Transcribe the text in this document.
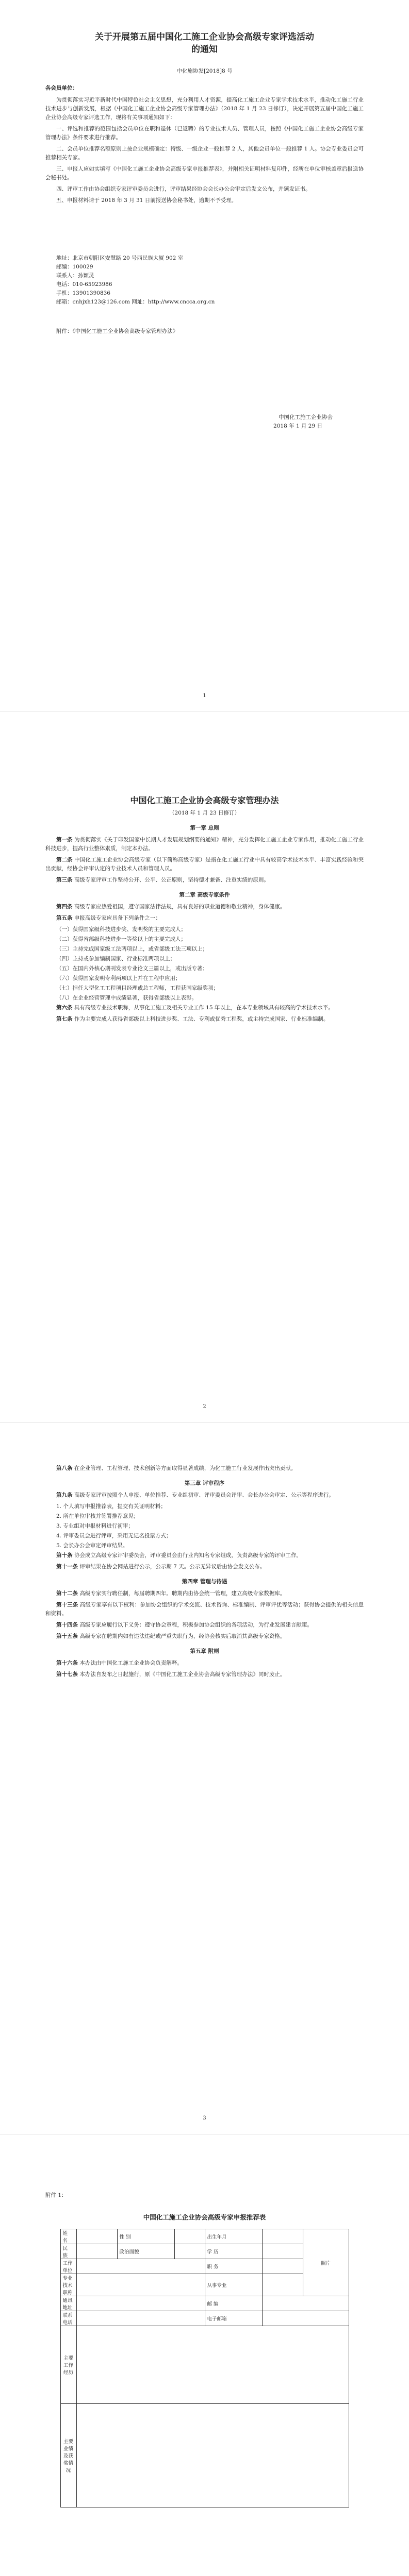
关于开展第五届中国化工施工企业协会高级专家评选活动

的通知

中化施协发[2018]8 号

各会员单位：

为贯彻落实习近平新时代中国特色社会主义思想，充分利用人才资源，提高化工施工企业专家学术技术水平，推动化工施工行业技术进步与创新发展，根据《中国化工施工企业协会高级专家管理办法》（2018 年 1 月 23 日修订），决定开展第五届中国化工施工企业协会高级专家评选工作，现将有关事项通知如下：

一、评选和推荐的范围包括会员单位在职和退休（已返聘）的专业技术人员、管理人员，按照《中国化工施工企业协会高级专家管理办法》条件要求进行推荐。

二、会员单位推荐名额原则上按企业规模确定：特级、一级企业一般推荐 2 人，其他会员单位一般推荐 1 人。协会专业委员会可推荐相关专家。

三、申报人应如实填写《中国化工施工企业协会高级专家申报推荐表》，并附相关证明材料复印件，经所在单位审核盖章后报送协会秘书处。

四、评审工作由协会组织专家评审委员会进行，评审结果经协会会长办公会审定后发文公布，并颁发证书。

五、申报材料请于 2018 年 3 月 31 日前报送协会秘书处，逾期不予受理。

地址：北京市朝阳区安慧路 20 号西民族大厦 902 室

邮编：100029

联系人：孙颖灵

电话：010-65923986

手机：13901390836

邮箱：cnhjxh123@126.com 网址：http://www.cncca.org.cn

附件：《中国化工施工企业协会高级专家管理办法》

中国化工施工企业协会

2018 年 1 月 29 日

1

中国化工施工企业协会高级专家管理办法

（2018 年 1 月 23 日修订）

第一章 总则

第一条 为贯彻落实《关于印发国家中长期人才发展规划纲要的通知》精神，充分发挥化工施工企业专家作用，推动化工施工行业科技进步，提高行业整体素质，制定本办法。

第二条 中国化工施工企业协会高级专家（以下简称高级专家）是指在化工施工行业中具有较高学术技术水平、丰富实践经验和突出贡献，经协会评审认定的专业技术人员和管理人员。

第三条 高级专家评审工作坚持公开、公平、公正原则，坚持德才兼备、注重实绩的原则。

第二章 高级专家条件

第四条 高级专家应热爱祖国，遵守国家法律法规，具有良好的职业道德和敬业精神，身体健康。

第五条 申报高级专家应具备下列条件之一：

（一）获得国家级科技进步奖、发明奖的主要完成人；

（二）获得省部级科技进步一等奖以上的主要完成人；

（三）主持完成国家级工法两项以上，或省部级工法三项以上；

（四）主持或参加编制国家、行业标准两项以上；

（五）在国内外核心期刊发表专业论文三篇以上，或出版专著；

（六）获得国家发明专利两项以上并在工程中应用；

（七）担任大型化工工程项目经理或总工程师，工程获国家级奖项；

（八）在企业经营管理中成绩显著，获得省部级以上表彰。

第六条 具有高级专业技术职称，从事化工施工及相关专业工作 15 年以上，在本专业领域具有较高的学术技术水平。

第七条 作为主要完成人获得省部级以上科技进步奖、工法、专利或优秀工程奖，或主持完成国家、行业标准编制。

2

第八条 在企业管理、工程管理、技术创新等方面取得显著成绩，为化工施工行业发展作出突出贡献。

第三章 评审程序

第九条 高级专家评审按照个人申报、单位推荐、专业组初审、评审委员会评审、会长办公会审定、公示等程序进行。

1. 个人填写申报推荐表，提交有关证明材料；

2. 所在单位审核并签署推荐意见；

3. 专业组对申报材料进行初审；

4. 评审委员会进行评审，采用无记名投票方式；

5. 会长办公会审定评审结果。

第十条 协会成立高级专家评审委员会，评审委员会由行业内知名专家组成，负责高级专家的评审工作。

第十一条 评审结果在协会网站进行公示，公示期 7 天。公示无异议后由协会发文公布。

第四章 管理与待遇

第十二条 高级专家实行聘任制，每届聘期四年。聘期内由协会统一管理，建立高级专家数据库。

第十三条 高级专家享有以下权利：参加协会组织的学术交流、技术咨询、标准编制、评审评优等活动；获得协会提供的相关信息和资料。

第十四条 高级专家应履行以下义务：遵守协会章程，积极参加协会组织的各项活动，为行业发展建言献策。

第十五条 高级专家在聘期内如有违法违纪或严重失职行为，经协会核实后取消其高级专家资格。

第五章 附则

第十六条 本办法由中国化工施工企业协会负责解释。

第十七条 本办法自发布之日起施行，原《中国化工施工企业协会高级专家管理办法》同时废止。

3

附件 1：

中国化工施工企业协会高级专家申报推荐表

姓 名		性 别		出生年月		照片
民 族		政治面貌		学 历		
工作单位				职 务		
专业技术职称				从事专业		
通讯地址				邮 编		
联系电话				电子邮箱		
主要工作经历						
主要业绩及获奖情况						
